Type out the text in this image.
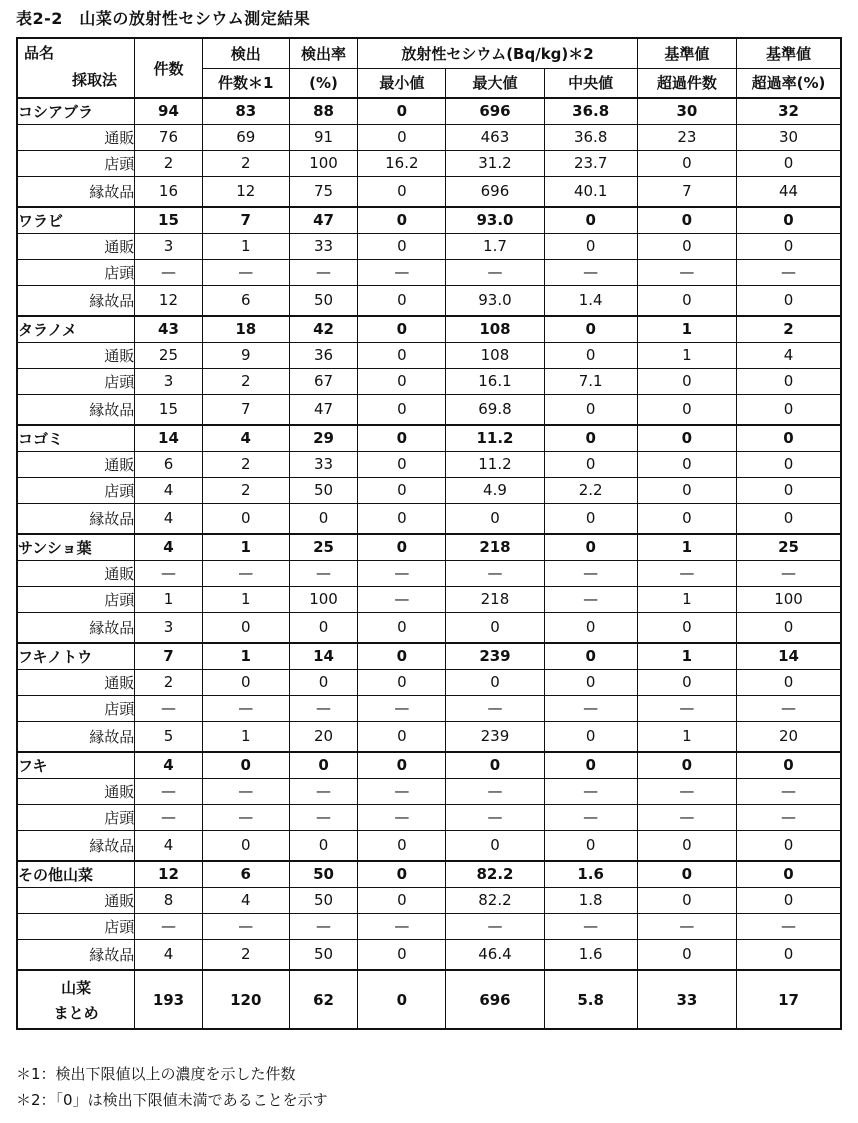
表2-2　山菜の放射性セシウム測定結果
品名
採取法	件数	検出	検出率	放射性セシウム(Bq/kg)＊2			基準値	基準値
		件数＊1	(%)	最小値	最大値	中央値	超過件数	超過率(%)
コシアブラ	94	83	88	0	696	36.8	30	32
通販	76	69	91	0	463	36.8	23	30
店頭	2	2	100	16.2	31.2	23.7	0	0
縁故品	16	12	75	0	696	40.1	7	44
ワラビ	15	7	47	0	93.0	0	0	0
通販	3	1	33	0	1.7	0	0	0
店頭	—	—	—	—	—	—	—	—
縁故品	12	6	50	0	93.0	1.4	0	0
タラノメ	43	18	42	0	108	0	1	2
通販	25	9	36	0	108	0	1	4
店頭	3	2	67	0	16.1	7.1	0	0
縁故品	15	7	47	0	69.8	0	0	0
コゴミ	14	4	29	0	11.2	0	0	0
通販	6	2	33	0	11.2	0	0	0
店頭	4	2	50	0	4.9	2.2	0	0
縁故品	4	0	0	0	0	0	0	0
サンショ葉	4	1	25	0	218	0	1	25
通販	—	—	—	—	—	—	—	—
店頭	1	1	100	—	218	—	1	100
縁故品	3	0	0	0	0	0	0	0
フキノトウ	7	1	14	0	239	0	1	14
通販	2	0	0	0	0	0	0	0
店頭	—	—	—	—	—	—	—	—
縁故品	5	1	20	0	239	0	1	20
フキ	4	0	0	0	0	0	0	0
通販	—	—	—	—	—	—	—	—
店頭	—	—	—	—	—	—	—	—
縁故品	4	0	0	0	0	0	0	0
その他山菜	12	6	50	0	82.2	1.6	0	0
通販	8	4	50	0	82.2	1.8	0	0
店頭	—	—	—	—	—	—	—	—
縁故品	4	2	50	0	46.4	1.6	0	0

山菜
まとめ	193	120	62	0	696	5.8	33	17
＊1：検出下限値以上の濃度を示した件数
＊2：「0」は検出下限値未満であることを示す
